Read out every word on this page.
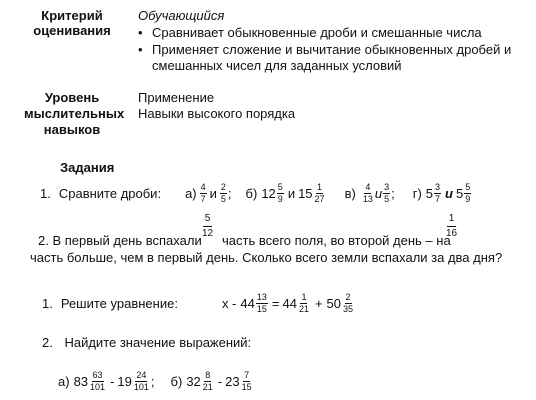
Критерий
оценивания
Обучающийся
• Сравнивает обыкновенные дроби и смешанные числа
• Применяет сложение и вычитание обыкновенных дробей и
смешанных чисел для заданных условий
Уровень
мыслительных
навыков
Применение
Навыки высокого порядка
Задания
1. Сравните дроби: $а) \frac{4}{7}$ и $\frac{2}{5}$ ; б) $12 \frac{5}{9}$ и $15 \frac{1}{27} в) \frac{4}{13}$ и $\frac{3}{5}$ ; г) $5 \frac{3}{7}$ и $5 \frac{5}{9}$
5
12
1
16
2. В первый день вспахали часть всего поля, во второй день – на
часть больше, чем в первый день. Сколько всего земли вспахали за два дня?
1. Решите уравнение:	$x - 44 \frac{13}{15} = 44 \frac{1}{21} + 50 \frac{2}{35}$
2. Найдите значение выражений:
а) $83 \frac{63}{101} - 19 \frac{24}{101}$ ; б) $32 \frac{8}{21} - 23 \frac{7}{15}$
